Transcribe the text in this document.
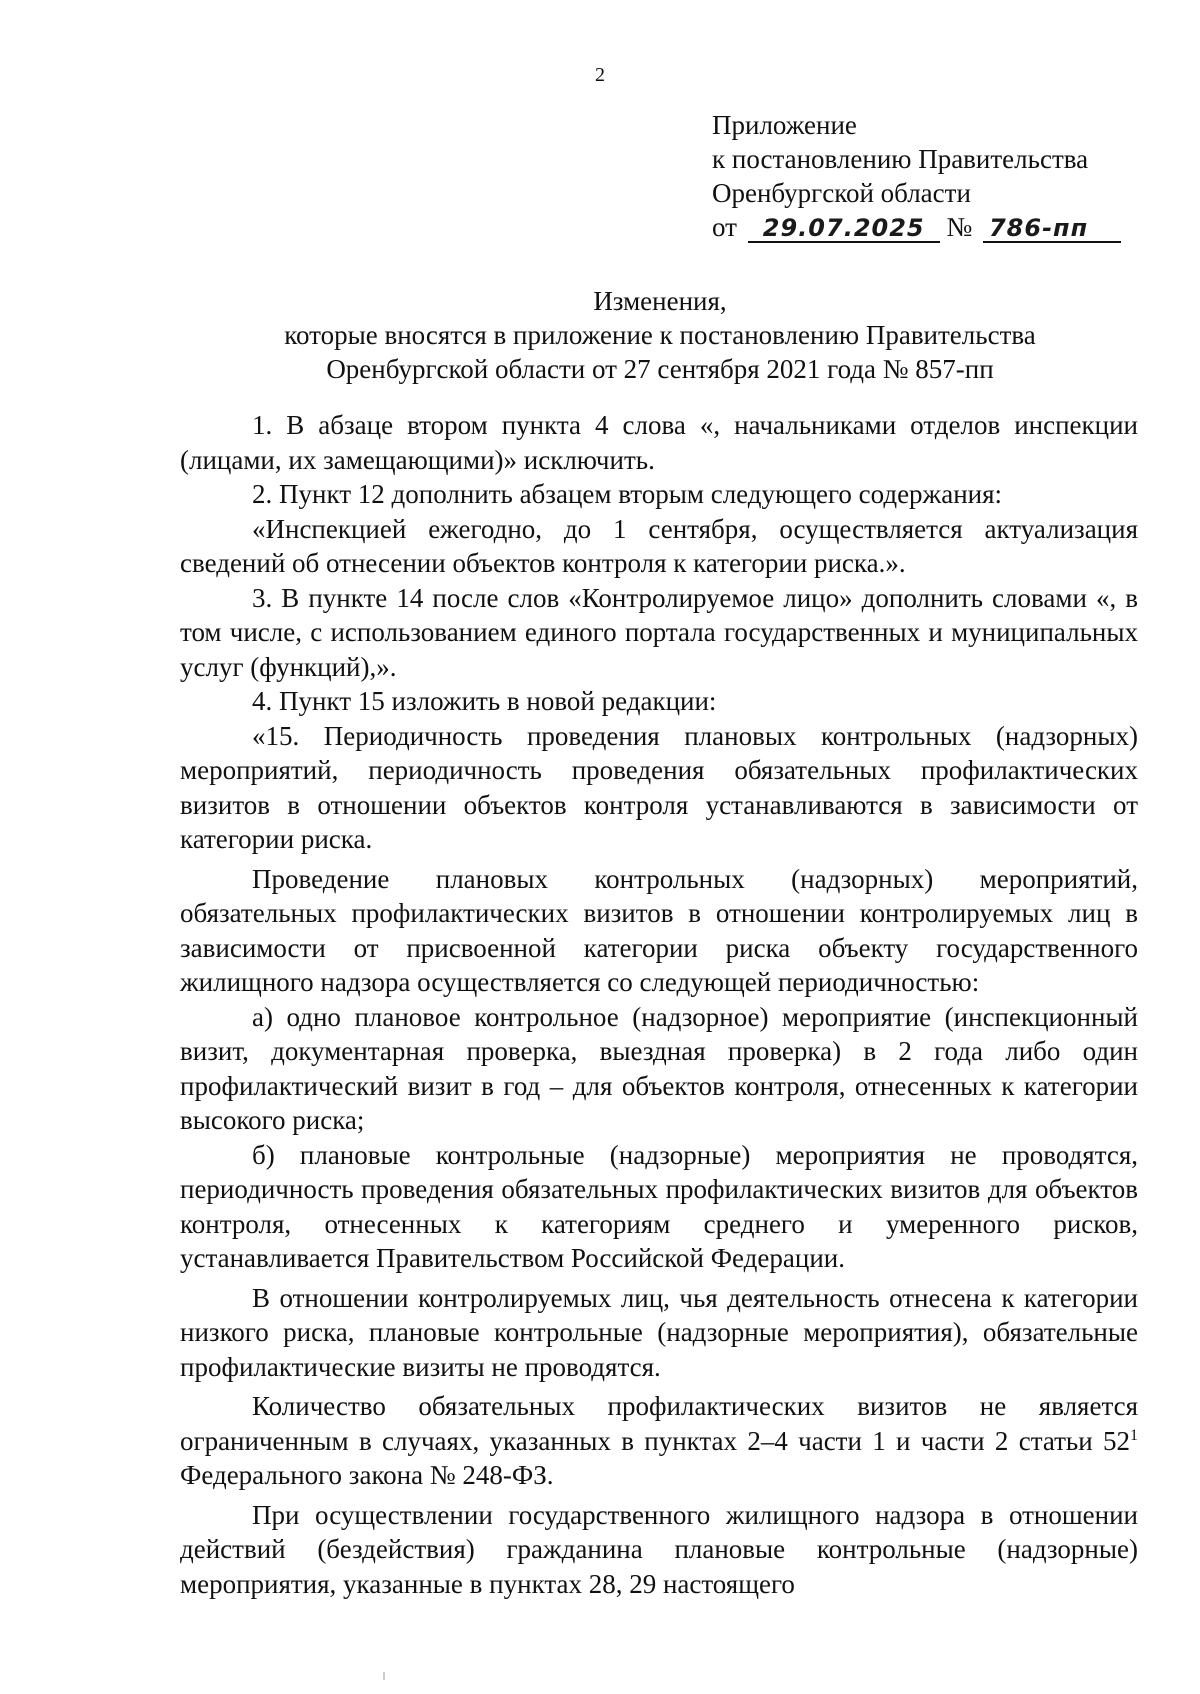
2
Приложение
к постановлению Правительства
Оренбургской области
от 29.07.2025 № 786-пп
Изменения,
которые вносятся в приложение к постановлению Правительства
Оренбургской области от 27 сентября 2021 года № 857-пп

1. В абзаце втором пункта 4 слова «, начальниками отделов инспекции (лицами, их замещающими)» исключить.

2. Пункт 12 дополнить абзацем вторым следующего содержания:

«Инспекцией ежегодно, до 1 сентября, осуществляется актуализация сведений об отнесении объектов контроля к категории риска.».

3. В пункте 14 после слов «Контролируемое лицо» дополнить словами «, в том числе, с использованием единого портала государственных и муниципальных услуг (функций),».

4. Пункт 15 изложить в новой редакции:

«15. Периодичность проведения плановых контрольных (надзорных) мероприятий, периодичность проведения обязательных профилактических визитов в отношении объектов контроля устанавливаются в зависимости от категории риска.

Проведение плановых контрольных (надзорных) мероприятий, обязательных профилактических визитов в отношении контролируемых лиц в зависимости от присвоенной категории риска объекту государственного жилищного надзора осуществляется со следующей периодичностью:

а) одно плановое контрольное (надзорное) мероприятие (инспекционный визит, документарная проверка, выездная проверка) в 2 года либо один профилактический визит в год – для объектов контроля, отнесенных к категории высокого риска;

б) плановые контрольные (надзорные) мероприятия не проводятся, периодичность проведения обязательных профилактических визитов для объектов контроля, отнесенных к категориям среднего и умеренного рисков, устанавливается Правительством Российской Федерации.

В отношении контролируемых лиц, чья деятельность отнесена к категории низкого риска, плановые контрольные (надзорные мероприятия), обязательные профилактические визиты не проводятся.

Количество обязательных профилактических визитов не является ограниченным в случаях, указанных в пунктах 2–4 части 1 и части 2 статьи $52^1$ Федерального закона № 248-ФЗ.

При осуществлении государственного жилищного надзора в отношении действий (бездействия) гражданина плановые контрольные (надзорные) мероприятия, указанные в пунктах 28, 29 настоящего
